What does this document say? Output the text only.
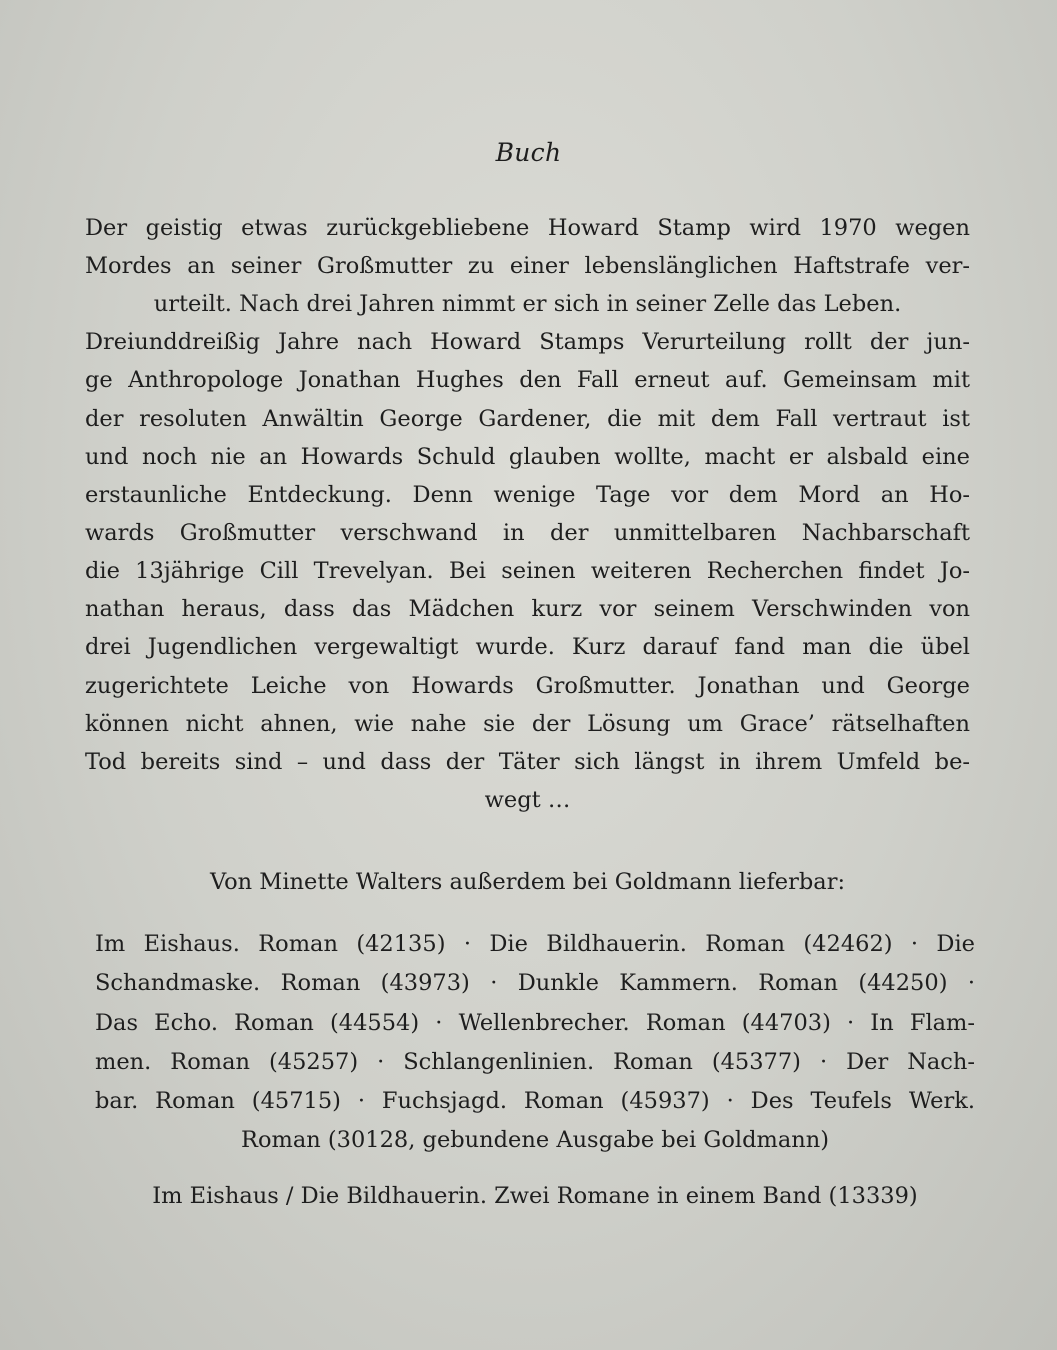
Buch
Der geistig etwas zurückgebliebene Howard Stamp wird 1970 wegen
Mordes an seiner Großmutter zu einer lebenslänglichen Haftstrafe ver-
urteilt. Nach drei Jahren nimmt er sich in seiner Zelle das Leben.
Dreiunddreißig Jahre nach Howard Stamps Verurteilung rollt der jun-
ge Anthropologe Jonathan Hughes den Fall erneut auf. Gemeinsam mit
der resoluten Anwältin George Gardener, die mit dem Fall vertraut ist
und noch nie an Howards Schuld glauben wollte, macht er alsbald eine
erstaunliche Entdeckung. Denn wenige Tage vor dem Mord an Ho-
wards Großmutter verschwand in der unmittelbaren Nachbarschaft
die 13jährige Cill Trevelyan. Bei seinen weiteren Recherchen findet Jo-
nathan heraus, dass das Mädchen kurz vor seinem Verschwinden von
drei Jugendlichen vergewaltigt wurde. Kurz darauf fand man die übel
zugerichtete Leiche von Howards Großmutter. Jonathan und George
können nicht ahnen, wie nahe sie der Lösung um Grace’ rätselhaften
Tod bereits sind – und dass der Täter sich längst in ihrem Umfeld be-
wegt …
Von Minette Walters außerdem bei Goldmann lieferbar:
Im Eishaus. Roman (42135) · Die Bildhauerin. Roman (42462) · Die
Schandmaske. Roman (43973) · Dunkle Kammern. Roman (44250) ·
Das Echo. Roman (44554) · Wellenbrecher. Roman (44703) · In Flam-
men. Roman (45257) · Schlangenlinien. Roman (45377) · Der Nach-
bar. Roman (45715) · Fuchsjagd. Roman (45937) · Des Teufels Werk.
Roman (30128, gebundene Ausgabe bei Goldmann)
Im Eishaus / Die Bildhauerin. Zwei Romane in einem Band (13339)
